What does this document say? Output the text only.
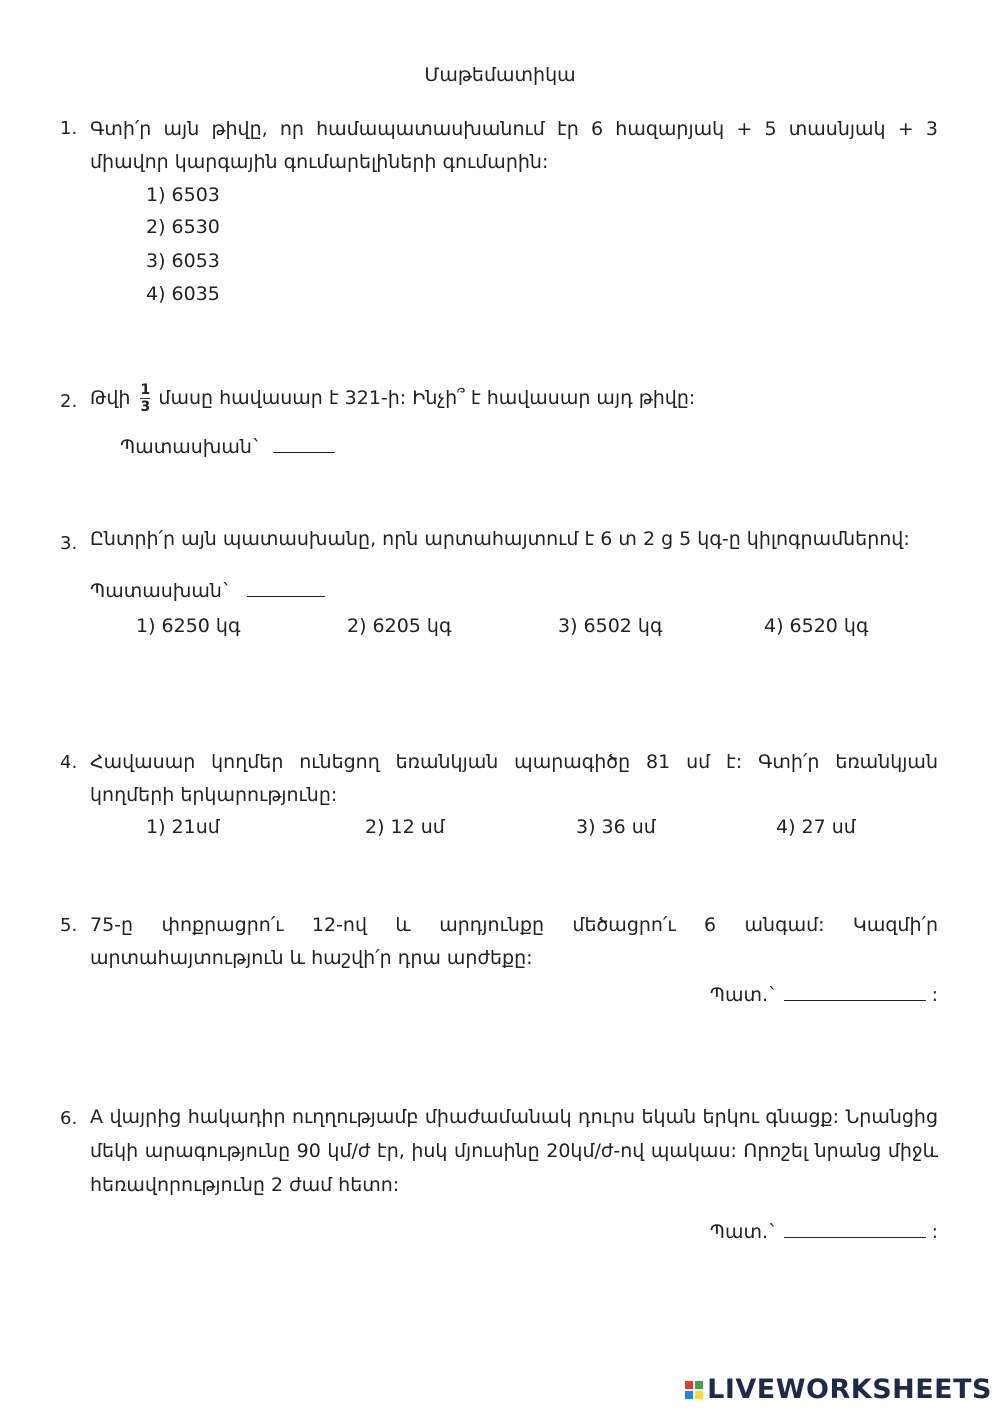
Մաթեմատիկա
1. Գտի՛ր այն թիվը, որ համապատասխանում էր 6 հազարյակ + 5 տասնյակ + 3 միավոր կարգային գումարելիների գումարին:
1) 6503
2) 6530
3) 6053
4) 6035
2. Թվի $\frac{1}{3}$ մասը հավասար է 321-ի: Ինչի՞ է հավասար այդ թիվը:
Պատասխան`
3. Ընտրի՛ր այն պատասխանը, որն արտահայտում է 6 տ 2 ց 5 կգ-ը կիլոգրամներով:
Պատասխան`
1) 6250 կգ	2) 6205 կգ	3) 6502 կգ	4) 6520 կգ
4. Հավասար կողմեր ունեցող եռանկյան պարագիծը 81 սմ է: Գտի՛ր եռանկյան կողմերի երկարությունը:
1) 21սմ	2) 12 սմ	3) 36 սմ	4) 27 սմ
5. 75-ը փոքրացրո՛ւ 12-ով և արդյունքը մեծացրո՛ւ 6 անգամ: Կազմի՛ր արտահայտություն և հաշվի՛ր դրա արժեքը:
Պատ.`	:
6. A վայրից հակադիր ուղղությամբ միաժամանակ դուրս եկան երկու գնացք: Նրանցից մեկի արագությունը 90 կմ/ժ էր, իսկ մյուսինը 20կմ/ժ-ով պակաս: Որոշել նրանց միջև հեռավորությունը 2 ժամ հետո:
Պատ.`	:
LIVEWORKSHEETS
